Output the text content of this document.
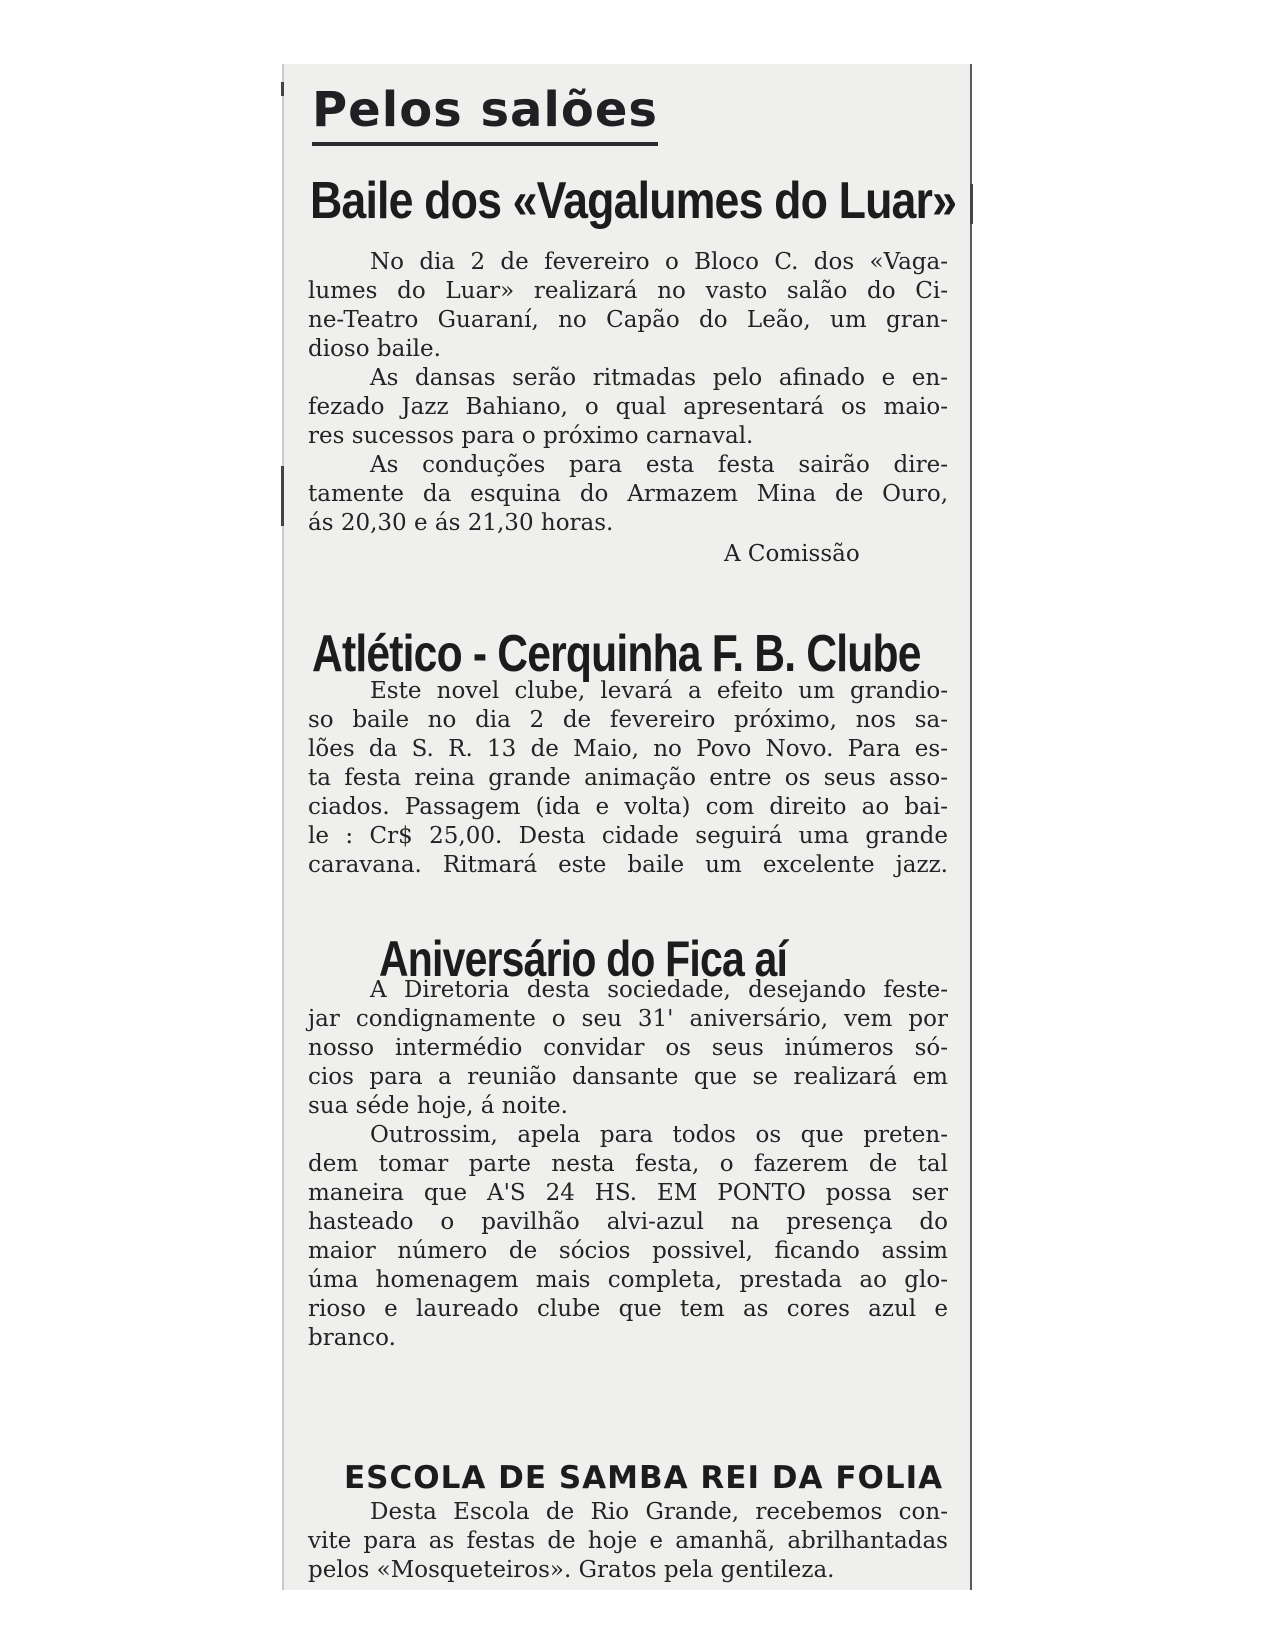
Pelos salões
Baile dos «Vagalumes do Luar»
No dia 2 de fevereiro o Bloco C. dos «Vaga-
lumes do Luar» realizará no vasto salão do Ci-
ne-Teatro Guaraní, no Capão do Leão, um gran-
dioso baile.
As dansas serão ritmadas pelo afinado e en-
fezado Jazz Bahiano, o qual apresentará os maio-
res sucessos para o próximo carnaval.
As conduções para esta festa sairão dire-
tamente da esquina do Armazem Mina de Ouro,
ás 20,30 e ás 21,30 horas.
A Comissão
Atlético - Cerquinha F. B. Clube
Este novel clube, levará a efeito um grandio-
so baile no dia 2 de fevereiro próximo, nos sa-
lões da S. R. 13 de Maio, no Povo Novo. Para es-
ta festa reina grande animação entre os seus asso-
ciados. Passagem (ida e volta) com direito ao bai-
le : Cr$ 25,00. Desta cidade seguirá uma grande
caravana. Ritmará este baile um excelente jazz.
Aniversário do Fica aí
A Diretoria desta sociedade, desejando feste-
jar condignamente o seu 31' aniversário, vem por
nosso intermédio convidar os seus inúmeros só-
cios para a reunião dansante que se realizará em
sua séde hoje, á noite.
Outrossim, apela para todos os que preten-
dem tomar parte nesta festa, o fazerem de tal
maneira que A'S 24 HS. EM PONTO possa ser
hasteado o pavilhão alvi-azul na presença do
maior número de sócios possivel, ficando assim
úma homenagem mais completa, prestada ao glo-
rioso e laureado clube que tem as cores azul e
branco.
ESCOLA DE SAMBA REI DA FOLIA
Desta Escola de Rio Grande, recebemos con-
vite para as festas de hoje e amanhã, abrilhantadas
pelos «Mosqueteiros». Gratos pela gentileza.
